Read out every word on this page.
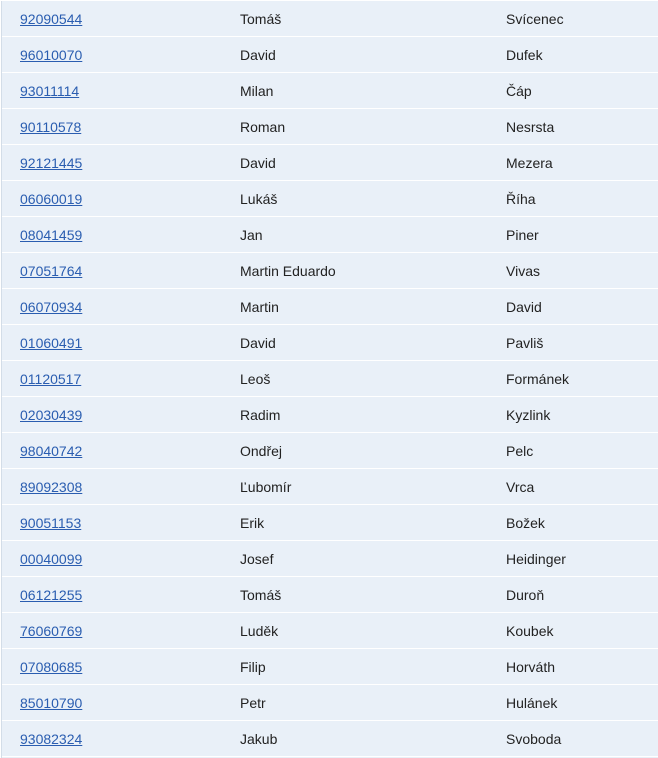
92090544	Tomáš	Svícenec
96010070	David	Dufek
93011114	Milan	Čáp
90110578	Roman	Nesrsta
92121445	David	Mezera
06060019	Lukáš	Říha
08041459	Jan	Piner
07051764	Martin Eduardo	Vivas
06070934	Martin	David
01060491	David	Pavliš
01120517	Leoš	Formánek
02030439	Radim	Kyzlink
98040742	Ondřej	Pelc
89092308	Ľubomír	Vrca
90051153	Erik	Božek
00040099	Josef	Heidinger
06121255	Tomáš	Duroň
76060769	Luděk	Koubek
07080685	Filip	Horváth
85010790	Petr	Hulánek
93082324	Jakub	Svoboda
